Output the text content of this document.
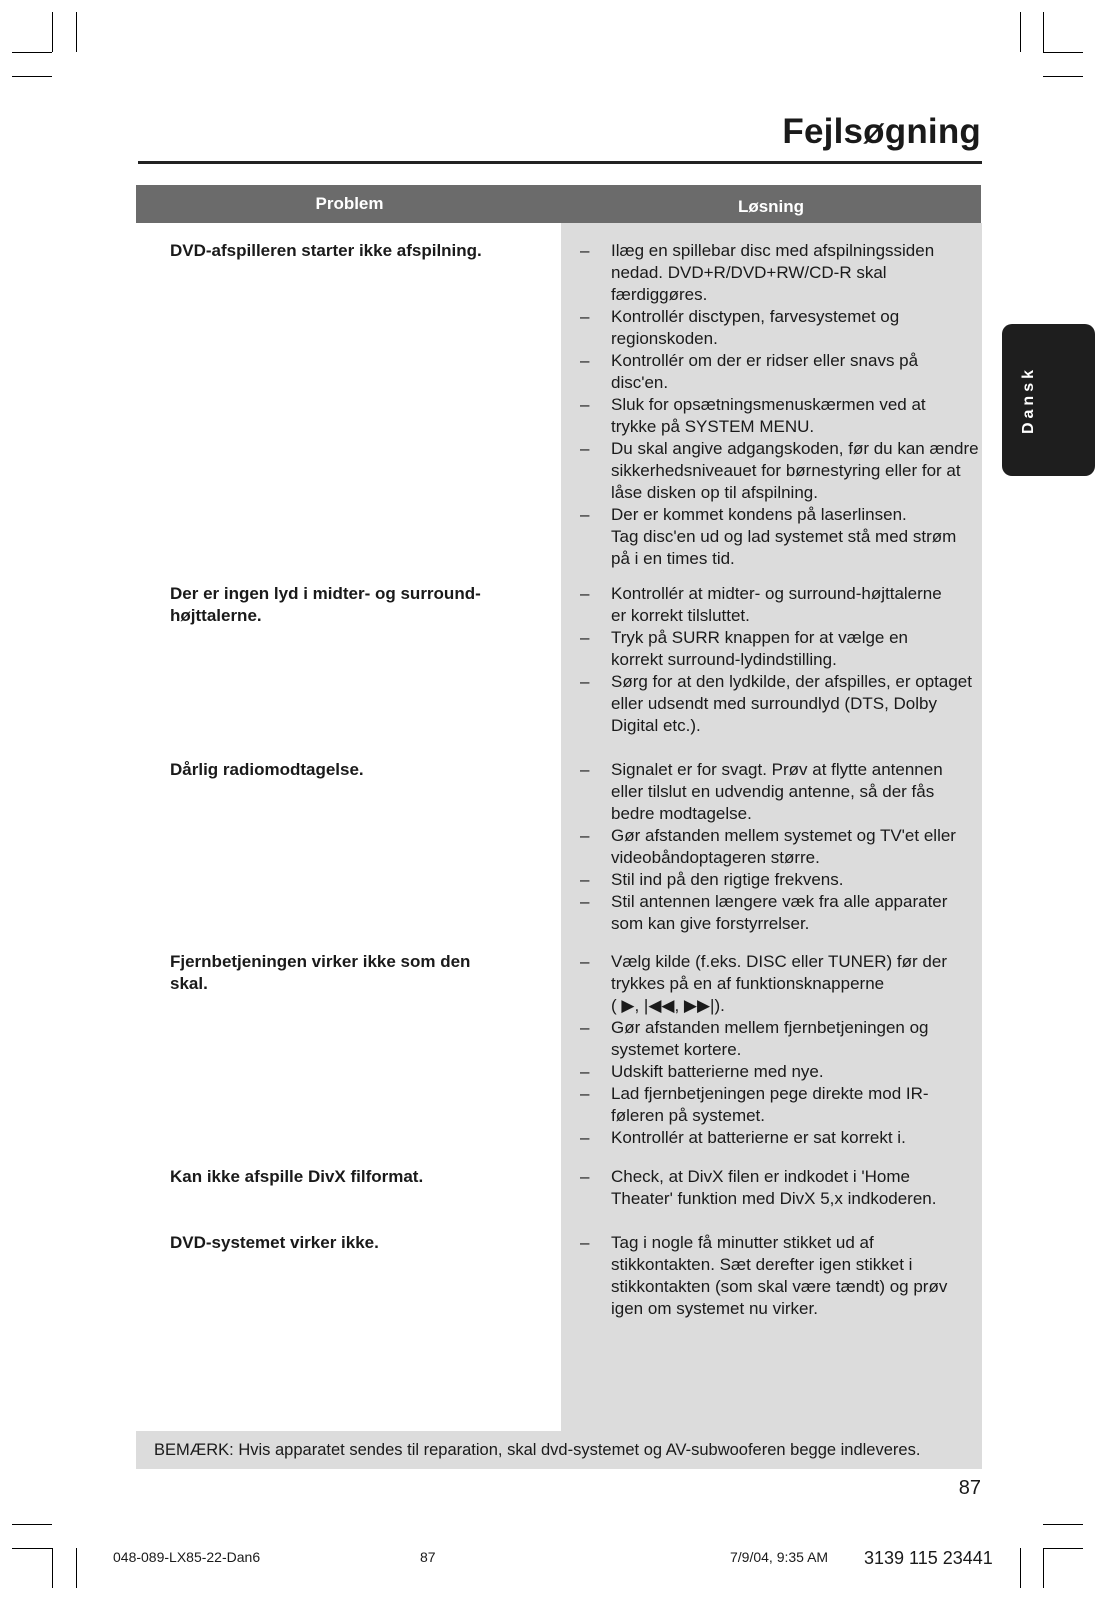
Fejlsøgning
Dansk
Problem	Løsning
DVD-afspilleren starter ikke afspilning.	–	Ilæg en spillebar disc med afspilningssiden
nedad. DVD+R/DVD+RW/CD-R skal
færdiggøres.
–	Kontrollér disctypen, farvesystemet og
regionskoden.
–	Kontrollér om der er ridser eller snavs på
disc'en.
–	Sluk for opsætningsmenuskærmen ved at
trykke på SYSTEM MENU.
–	Du skal angive adgangskoden, før du kan ændre
sikkerhedsniveauet for børnestyring eller for at
låse disken op til afspilning.
–	Der er kommet kondens på laserlinsen.
Tag disc'en ud og lad systemet stå med strøm
på i en times tid.
Der er ingen lyd i midter- og surround-
højttalerne.
–	Kontrollér at midter- og surround-højttalerne
er korrekt tilsluttet.
–	Tryk på SURR knappen for at vælge en
korrekt surround-lydindstilling.
–	Sørg for at den lydkilde, der afspilles, er optaget
eller udsendt med surroundlyd (DTS, Dolby
Digital etc.).
Dårlig radiomodtagelse.	–	Signalet er for svagt. Prøv at flytte antennen
eller tilslut en udvendig antenne, så der fås
bedre modtagelse.
–	Gør afstanden mellem systemet og TV'et eller
videobåndoptageren større.
–	Stil ind på den rigtige frekvens.
–	Stil antennen længere væk fra alle apparater
som kan give forstyrrelser.
Fjernbetjeningen virker ikke som den
skal.
–	Vælg kilde (f.eks. DISC eller TUNER) før der
trykkes på en af funktionsknapperne
( ▶, |◀◀, ▶▶|).
–	Gør afstanden mellem fjernbetjeningen og
systemet kortere.
–	Udskift batterierne med nye.
–	Lad fjernbetjeningen pege direkte mod IR-
føleren på systemet.
–	Kontrollér at batterierne er sat korrekt i.
Kan ikke afspille DivX filformat.	–	Check, at DivX filen er indkodet i 'Home
Theater' funktion med DivX 5,x indkoderen.
DVD-systemet virker ikke.	–	Tag i nogle få minutter stikket ud af
stikkontakten. Sæt derefter igen stikket i
stikkontakten (som skal være tændt) og prøv
igen om systemet nu virker.
BEMÆRK: Hvis apparatet sendes til reparation, skal dvd-systemet og AV-subwooferen begge indleveres.
87
048-089-LX85-22-Dan6	87	7/9/04, 9:35 AM 3139 115 23441
